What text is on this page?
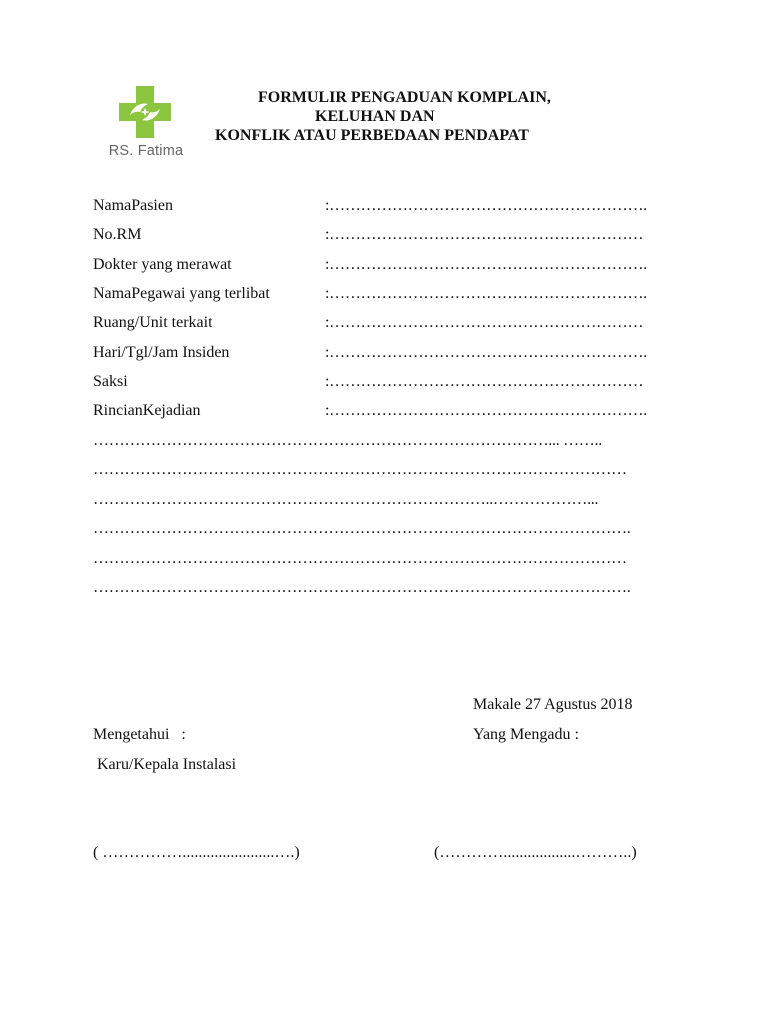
RS. Fatima
FORMULIR PENGADUAN KOMPLAIN,
KELUHAN DAN
KONFLIK ATAU PERBEDAAN PENDAPAT
NamaPasien	:…………………………………………………….
No.RM	:……………………………………………………
Dokter yang merawat	:…………………………………………………….
NamaPegawai yang terlibat	:…………………………………………………….
Ruang/Unit terkait	:……………………………………………………
Hari/Tgl/Jam Insiden	:…………………………………………………….
Saksi	:……………………………………………………
RincianKejadian	:…………………………………………………….
……………………………………………………………………………... ……..
…………………………………………………………………………………………
…………………………………………………………………..………………...
………………………………………………………………………………………….
…………………………………………………………………………………………
………………………………………………………………………………………….
Makale 27 Agustus 2018
Mengetahui   :	Yang Mengadu :
Karu/Kepala Instalasi
( …………….......................….)	(…………..................………..)
